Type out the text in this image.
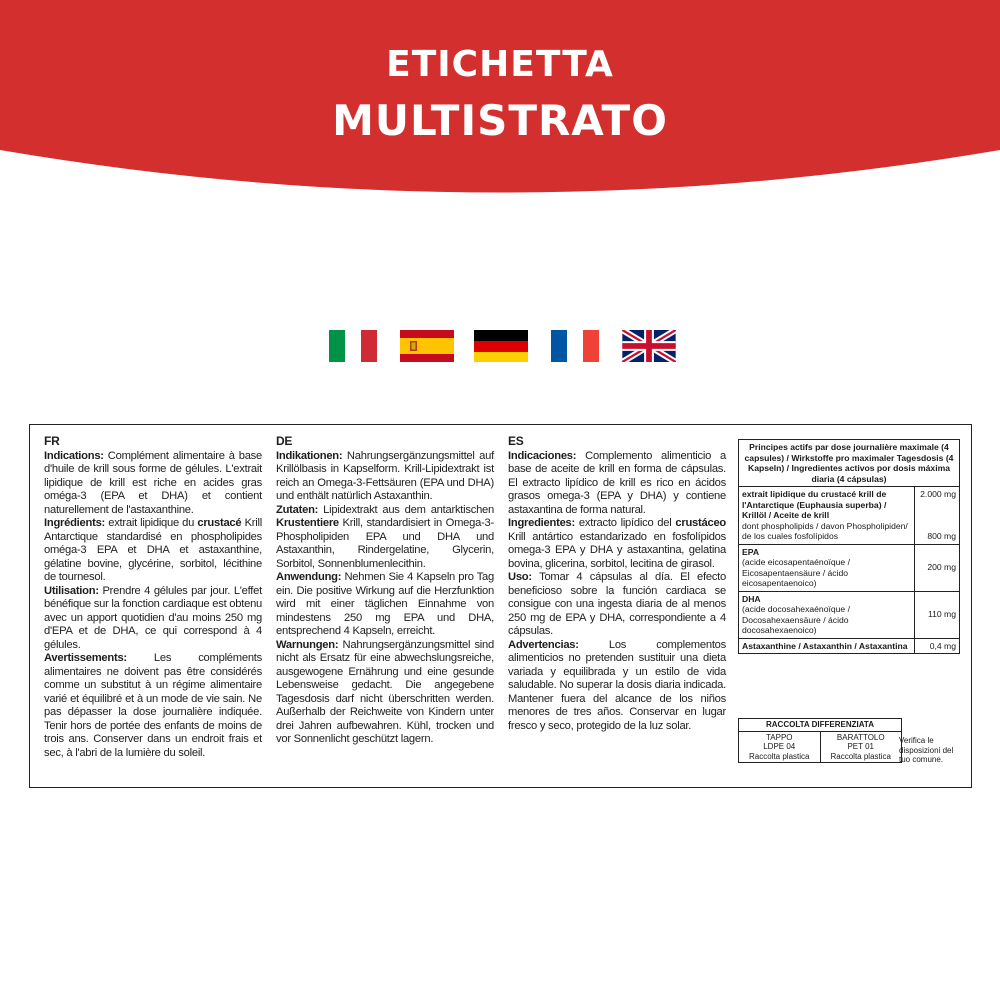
ETICHETTA
MULTISTRATO
FR

Indications: Complément alimentaire à base d'huile de krill sous forme de gélules. L'extrait lipidique de krill est riche en acides gras oméga-3 (EPA et DHA) et contient naturellement de l'astaxanthine.

Ingrédients: extrait lipidique du crustacé Krill Antarctique standardisé en phospholipides oméga-3 EPA et DHA et astaxanthine, gélatine bovine, glycérine, sorbitol, lécithine de tournesol.

Utilisation: Prendre 4 gélules par jour. L'effet bénéfique sur la fonction cardiaque est obtenu avec un apport quotidien d'au moins 250 mg d'EPA et de DHA, ce qui correspond à 4 gélules.

Avertissements: Les compléments alimentaires ne doivent pas être considérés comme un substitut à un régime alimentaire varié et équilibré et à un mode de vie sain. Ne pas dépasser la dose journalière indiquée. Tenir hors de portée des enfants de moins de trois ans. Conserver dans un endroit frais et sec, à l'abri de la lumière du soleil.

DE

Indikationen: Nahrungsergänzungsmittel auf Krillölbasis in Kapselform. Krill-Lipidextrakt ist reich an Omega-3-Fettsäuren (EPA und DHA) und enthält natürlich Astaxanthin.

Zutaten: Lipidextrakt aus dem antarktischen Krustentiere Krill, standardisiert in Omega-3-Phospholipiden EPA und DHA und Astaxanthin, Rindergelatine, Glycerin, Sorbitol, Sonnenblumenlecithin.

Anwendung: Nehmen Sie 4 Kapseln pro Tag ein. Die positive Wirkung auf die Herzfunktion wird mit einer täglichen Einnahme von mindestens 250 mg EPA und DHA, entsprechend 4 Kapseln, erreicht.

Warnungen: Nahrungsergänzungsmittel sind nicht als Ersatz für eine abwechslungsreiche, ausgewogene Ernährung und eine gesunde Lebensweise gedacht. Die angegebene Tagesdosis darf nicht überschritten werden. Außerhalb der Reichweite von Kindern unter drei Jahren aufbewahren. Kühl, trocken und vor Sonnenlicht geschützt lagern.

ES

Indicaciones: Complemento alimenticio a base de aceite de krill en forma de cápsulas. El extracto lipídico de krill es rico en ácidos grasos omega-3 (EPA y DHA) y contiene astaxantina de forma natural.

Ingredientes: extracto lipídico del crustáceo Krill antártico estandarizado en fosfolípidos omega-3 EPA y DHA y astaxantina, gelatina bovina, glicerina, sorbitol, lecitina de girasol.

Uso: Tomar 4 cápsulas al día. El efecto beneficioso sobre la función cardiaca se consigue con una ingesta diaria de al menos 250 mg de EPA y DHA, correspondiente a 4 cápsulas.

Advertencias: Los complementos alimenticios no pretenden sustituir una dieta variada y equilibrada y un estilo de vida saludable. No superar la dosis diaria indicada. Mantener fuera del alcance de los niños menores de tres años. Conservar en lugar fresco y seco, protegido de la luz solar.

Principes actifs par dose journalière maximale (4 capsules) / Wirkstoffe pro maximaler Tagesdosis (4 Kapseln) / Ingredientes activos por dosis máxima diaria (4 cápsulas)
extrait lipidique du crustacé krill de l'Antarctique (Euphausia superba) / Krillöl / Aceite de krill
dont phospholipids / davon Phospholipiden/ de los cuales fosfolípidos
2.000 mg
800 mg
EPA
(acide eicosapentaénoïque / Eicosapentaensäure / ácido eicosapentaenoico)
200 mg
DHA
(acide docosahexaénoïque / Docosahexaensäure / ácido docosahexaenoico)
110 mg
Astaxanthine / Astaxanthin / Astaxantina	0,4 mg
RACCOLTA DIFFERENZIATA
TAPPO
LDPE 04
Raccolta plastica
BARATTOLO
PET 01
Raccolta plastica
Verifica le disposizioni del tuo comune.
